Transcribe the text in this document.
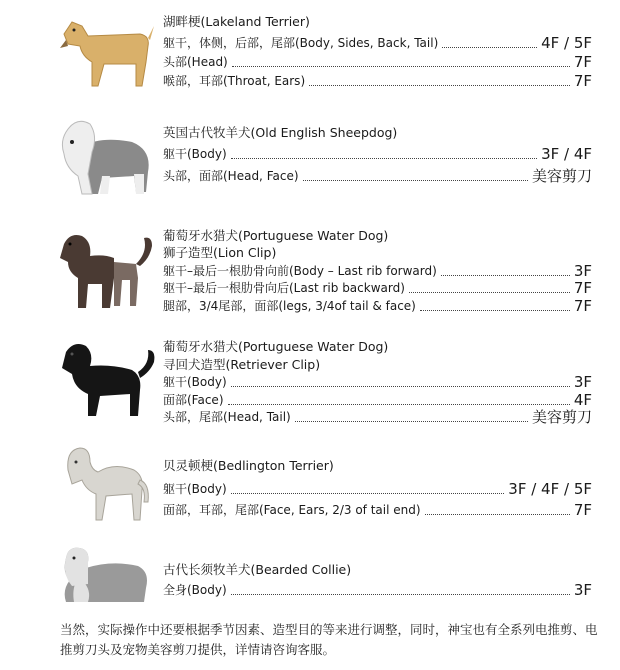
湖畔梗(Lakeland Terrier)
躯干，体侧，后部，尾部(Body, Sides, Back, Tail)	4F / 5F
头部(Head)	7F
喉部，耳部(Throat, Ears)	7F
英国古代牧羊犬(Old English Sheepdog)
躯干(Body)	3F / 4F
头部，面部(Head, Face)	美容剪刀
葡萄牙水猎犬(Portuguese Water Dog)
狮子造型(Lion Clip)
躯干–最后一根肋骨向前(Body – Last rib forward)	3F
躯干–最后一根肋骨向后(Last rib backward)	7F
腿部，3/4尾部，面部(legs, 3/4of tail & face)	7F
葡萄牙水猎犬(Portuguese Water Dog)
寻回犬造型(Retriever Clip)
躯干(Body)	3F
面部(Face)	4F
头部，尾部(Head, Tail)	美容剪刀
贝灵顿梗(Bedlington Terrier)
躯干(Body)	3F / 4F / 5F
面部，耳部，尾部(Face, Ears, 2/3 of tail end)	7F
古代长须牧羊犬(Bearded Collie)
全身(Body)	3F
当然，实际操作中还要根据季节因素、造型目的等来进行调整，同时，神宝也有全系列电推剪、电推剪刀头及宠物美容剪刀提供，详情请咨询客服。
